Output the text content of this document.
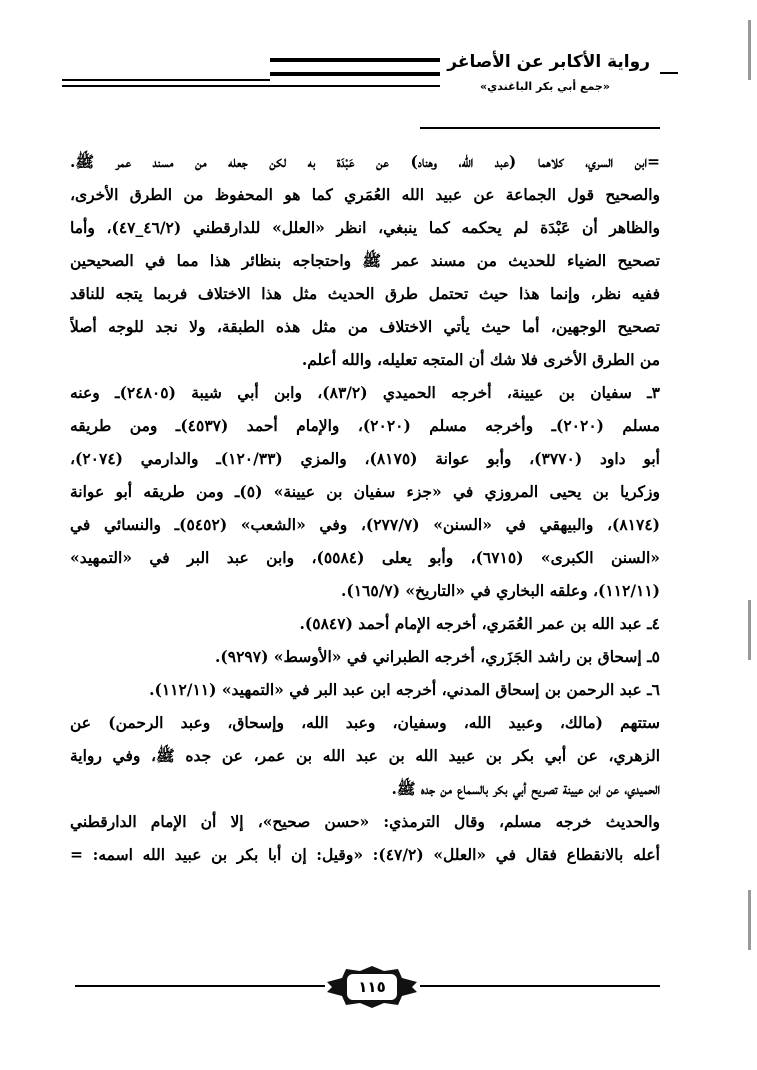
رواية الأكابر عن الأصاغر
«جمع أبي بكر الباغندي»
=ابن السري، كلاهما (عبد الله، وهناد) عن عَبْدَة به لكن جعله من مسند عمر ﷺ.
والصحيح قول الجماعة عن عبيد الله العُمَري كما هو المحفوظ من الطرق الأخرى،
والظاهر أن عَبْدَة لم يحكمه كما ينبغي، انظر «العلل» للدارقطني (٤٦/٢_٤٧)، وأما
تصحيح الضياء للحديث من مسند عمر ﷺ واحتجاجه بنظائر هذا مما في الصحيحين
ففيه نظر، وإنما هذا حيث تحتمل طرق الحديث مثل هذا الاختلاف فربما يتجه للناقد
تصحيح الوجهين، أما حيث يأتي الاختلاف من مثل هذه الطبقة، ولا نجد للوجه أصلاً
من الطرق الأخرى فلا شك أن المتجه تعليله، والله أعلم.
٣ـ سفيان بن عيينة، أخرجه الحميدي (٨٣/٢)، وابن أبي شيبة (٢٤٨٠٥)ـ وعنه
مسلم (٢٠٢٠)ـ وأخرجه مسلم (٢٠٢٠)، والإمام أحمد (٤٥٣٧)ـ ومن طريقه
أبو داود (٣٧٧٠)، وأبو عوانة (٨١٧٥)، والمزي (١٢٠/٣٣)ـ والدارمي (٢٠٧٤)،
وزكريا بن يحيى المروزي في «جزء سفيان بن عيينة» (٥)ـ ومن طريقه أبو عوانة
(٨١٧٤)، والبيهقي في «السنن» (٢٧٧/٧)، وفي «الشعب» (٥٤٥٢)ـ والنسائي في
«السنن الكبرى» (٦٧١٥)، وأبو يعلى (٥٥٨٤)، وابن عبد البر في «التمهيد»
(١١٢/١١)، وعلقه البخاري في «التاريخ» (١٦٥/٧).
٤ـ عبد الله بن عمر العُمَري، أخرجه الإمام أحمد (٥٨٤٧).
٥ـ إسحاق بن راشد الجَزَري، أخرجه الطبراني في «الأوسط» (٩٢٩٧).
٦ـ عبد الرحمن بن إسحاق المدني، أخرجه ابن عبد البر في «التمهيد» (١١٢/١١).
ستتهم (مالك، وعبيد الله، وسفيان، وعبد الله، وإسحاق، وعبد الرحمن) عن
الزهري، عن أبي بكر بن عبيد الله بن عبد الله بن عمر، عن جده ﷺ، وفي رواية
الحميدي، عن ابن عيينة تصريح أبي بكر بالسماع من جده ﷺ.
والحديث خرجه مسلم، وقال الترمذي: «حسن صحيح»، إلا أن الإمام الدارقطني
أعله بالانقطاع فقال في «العلل» (٤٧/٢): «وقيل: إن أبا بكر بن عبيد الله اسمه: =
١١٥
